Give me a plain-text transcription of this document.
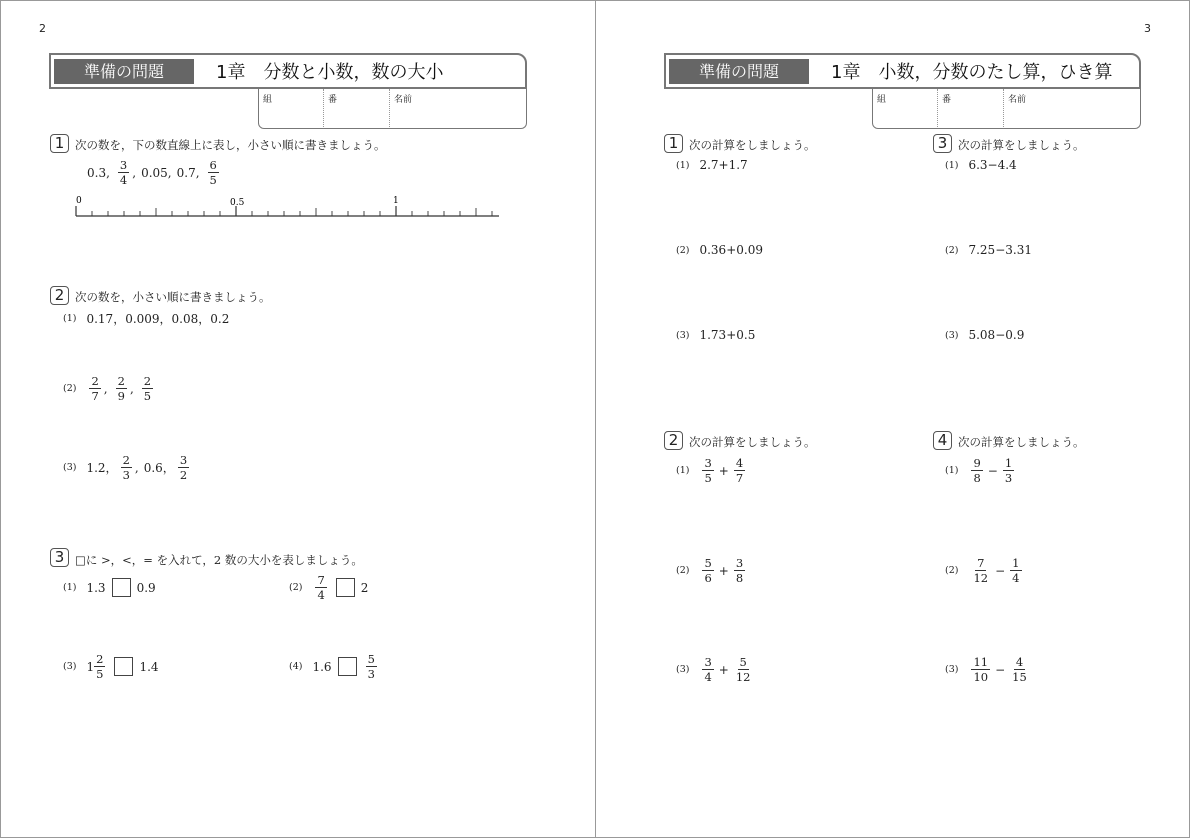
2
準備の問題	1章　分数と小数，数の大小
組	番	名前
1 次の数を，下の数直線上に表し，小さい順に書きましょう。
0.3 , $\frac{3}{4}$ , 0.05 , 0.7 , $\frac{6}{5}$
0	0.5	1
2 次の数を，小さい順に書きましょう。
(1) 0.17，0.009，0.08，0.2
$(2) \frac{2}{7}$ , $\frac{2}{9}$ , $\frac{2}{5}$
(3) 1.2， $\frac{2}{3}$ , 0.6， $\frac{3}{2}$
3 □に >，<，= を入れて，2 数の大小を表しましょう。
(1) 1.3	0.9	$(2) \frac{7}{4}$	2
(3) $1 \frac{2}{5}$	1.4	(4) 1.6	$\frac{5}{3}$
3
準備の問題	1章　小数，分数のたし算，ひき算
組	番	名前
1 次の計算をしましょう。
(1) 2.7+1.7
(2) 0.36+0.09
(3) 1.73+0.5
3 次の計算をしましょう。
(1) 6.3−4.4
(2) 7.25−3.31
(3) 5.08−0.9
2 次の計算をしましょう。
$(1) \frac{3}{5} + \frac{4}{7}$
$(2) \frac{5}{6} + \frac{3}{8}$
$(3) \frac{3}{4} + \frac{5}{12}$
4 次の計算をしましょう。
$(1) \frac{9}{8} - \frac{1}{3}$
$(2) \frac{7}{12} - \frac{1}{4}$
$(3) \frac{11}{10} - \frac{4}{15}$
